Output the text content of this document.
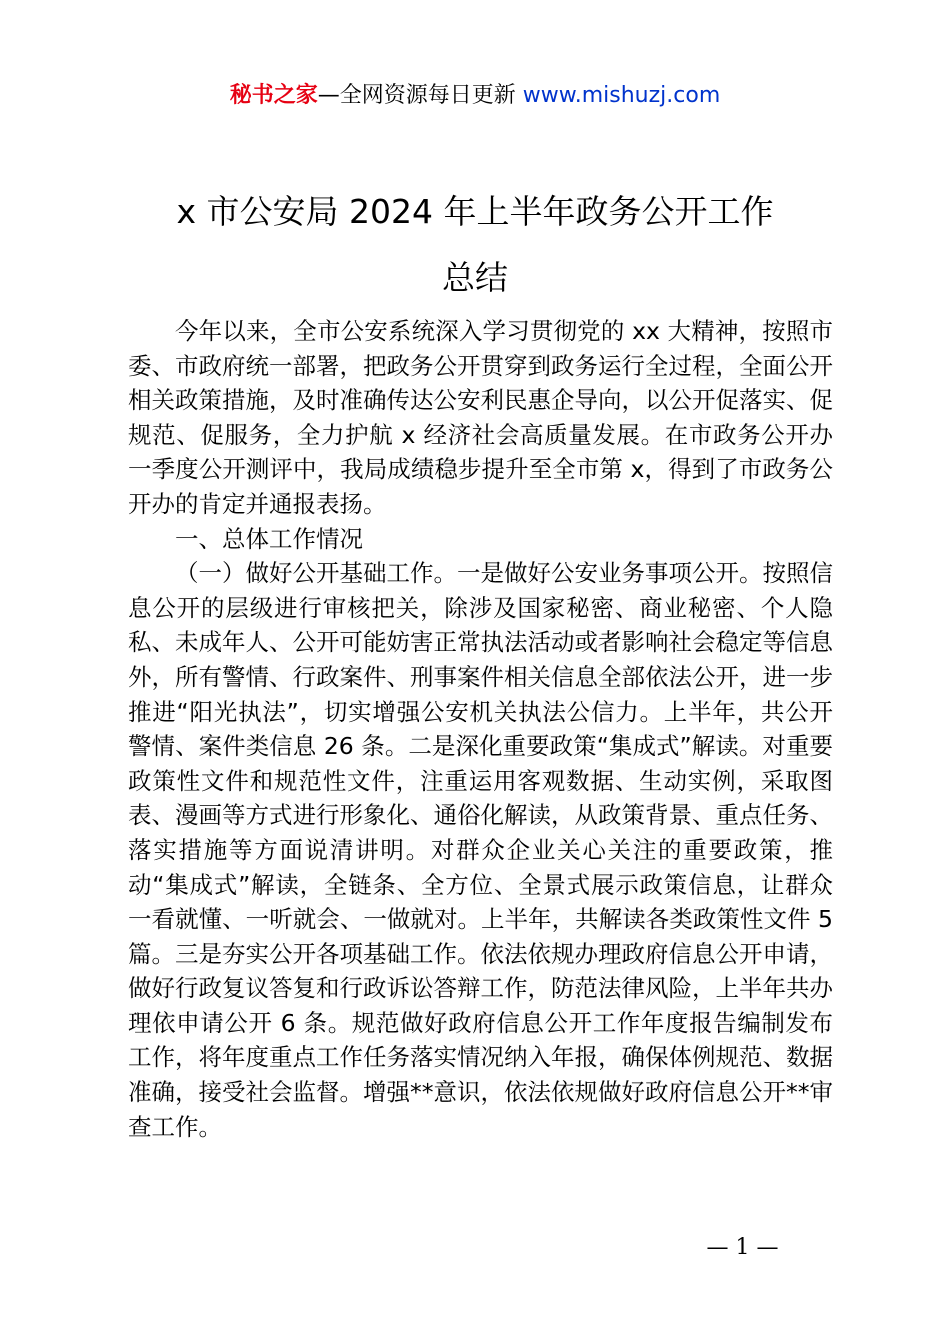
秘书之家—全网资源每日更新 www.mishuzj.com
x 市公安局 2024 年上半年政务公开工作
总结

今年以来，全市公安系统深入学习贯彻党的 xx 大精神，按照市委、市政府统一部署，把政务公开贯穿到政务运行全过程，全面公开相关政策措施，及时准确传达公安利民惠企导向，以公开促落实、促规范、促服务，全力护航 x 经济社会高质量发展。在市政务公开办一季度公开测评中，我局成绩稳步提升至全市第 x，得到了市政务公开办的肯定并通报表扬。

一、总体工作情况

（一）做好公开基础工作。一是做好公安业务事项公开。按照信息公开的层级进行审核把关，除涉及国家秘密、商业秘密、个人隐私、未成年人、公开可能妨害正常执法活动或者影响社会稳定等信息外，所有警情、行政案件、刑事案件相关信息全部依法公开，进一步推进“阳光执法”，切实增强公安机关执法公信力。上半年，共公开警情、案件类信息 26 条。二是深化重要政策“集成式”解读。对重要政策性文件和规范性文件，注重运用客观数据、生动实例，采取图表、漫画等方式进行形象化、通俗化解读，从政策背景、重点任务、落实措施等方面说清讲明。对群众企业关心关注的重要政策，推动“集成式”解读，全链条、全方位、全景式展示政策信息，让群众一看就懂、一听就会、一做就对。上半年，共解读各类政策性文件 5 篇。三是夯实公开各项基础工作。依法依规办理政府信息公开申请，做好行政复议答复和行政诉讼答辩工作，防范法律风险，上半年共办理依申请公开 6 条。规范做好政府信息公开工作年度报告编制发布工作，将年度重点工作任务落实情况纳入年报，确保体例规范、数据准确，接受社会监督。增强**意识，依法依规做好政府信息公开**审查工作。

— 1 —
